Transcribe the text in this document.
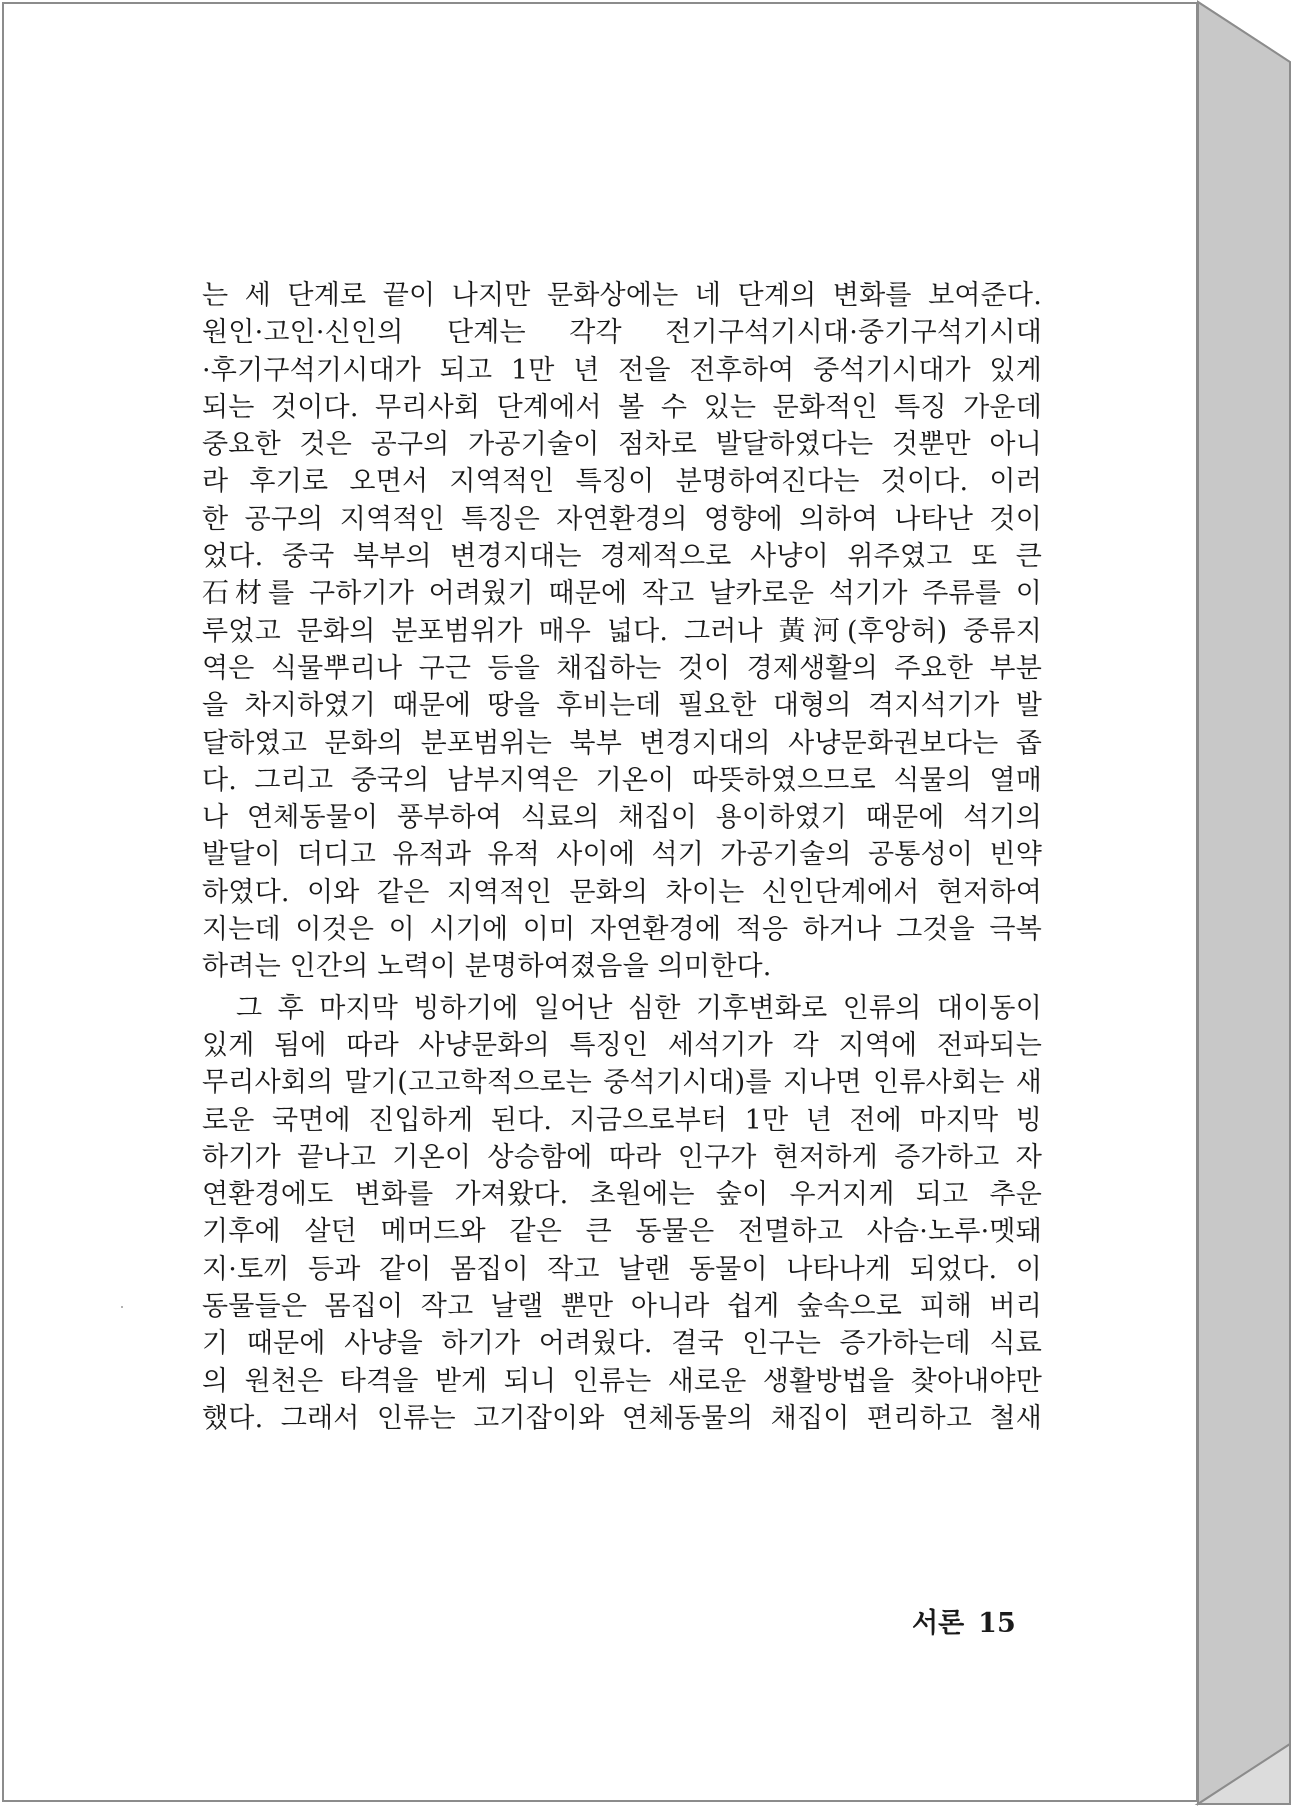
는 세 단계로 끝이 나지만 문화상에는 네 단계의 변화를 보여준다.
원인·고인·신인의 단계는 각각 전기구석기시대·중기구석기시대
·후기구석기시대가 되고 1만 년 전을 전후하여 중석기시대가 있게
되는 것이다. 무리사회 단계에서 볼 수 있는 문화적인 특징 가운데
중요한 것은 공구의 가공기술이 점차로 발달하였다는 것뿐만 아니
라 후기로 오면서 지역적인 특징이 분명하여진다는 것이다. 이러
한 공구의 지역적인 특징은 자연환경의 영향에 의하여 나타난 것이
었다. 중국 북부의 변경지대는 경제적으로 사냥이 위주였고 또 큰
石材를 구하기가 어려웠기 때문에 작고 날카로운 석기가 주류를 이
루었고 문화의 분포범위가 매우 넓다. 그러나 黃河(후앙허) 중류지
역은 식물뿌리나 구근 등을 채집하는 것이 경제생활의 주요한 부분
을 차지하였기 때문에 땅을 후비는데 필요한 대형의 격지석기가 발
달하였고 문화의 분포범위는 북부 변경지대의 사냥문화권보다는 좁
다. 그리고 중국의 남부지역은 기온이 따뜻하였으므로 식물의 열매
나 연체동물이 풍부하여 식료의 채집이 용이하였기 때문에 석기의
발달이 더디고 유적과 유적 사이에 석기 가공기술의 공통성이 빈약
하였다. 이와 같은 지역적인 문화의 차이는 신인단계에서 현저하여
지는데 이것은 이 시기에 이미 자연환경에 적응 하거나 그것을 극복
하려는 인간의 노력이 분명하여졌음을 의미한다.
그 후 마지막 빙하기에 일어난 심한 기후변화로 인류의 대이동이
있게 됨에 따라 사냥문화의 특징인 세석기가 각 지역에 전파되는
무리사회의 말기(고고학적으로는 중석기시대)를 지나면 인류사회는 새
로운 국면에 진입하게 된다. 지금으로부터 1만 년 전에 마지막 빙
하기가 끝나고 기온이 상승함에 따라 인구가 현저하게 증가하고 자
연환경에도 변화를 가져왔다. 초원에는 숲이 우거지게 되고 추운
기후에 살던 메머드와 같은 큰 동물은 전멸하고 사슴·노루·멧돼
지·토끼 등과 같이 몸집이 작고 날랜 동물이 나타나게 되었다. 이
동물들은 몸집이 작고 날랠 뿐만 아니라 쉽게 숲속으로 피해 버리
기 때문에 사냥을 하기가 어려웠다. 결국 인구는 증가하는데 식료
의 원천은 타격을 받게 되니 인류는 새로운 생활방법을 찾아내야만
했다. 그래서 인류는 고기잡이와 연체동물의 채집이 편리하고 철새
서론 15
